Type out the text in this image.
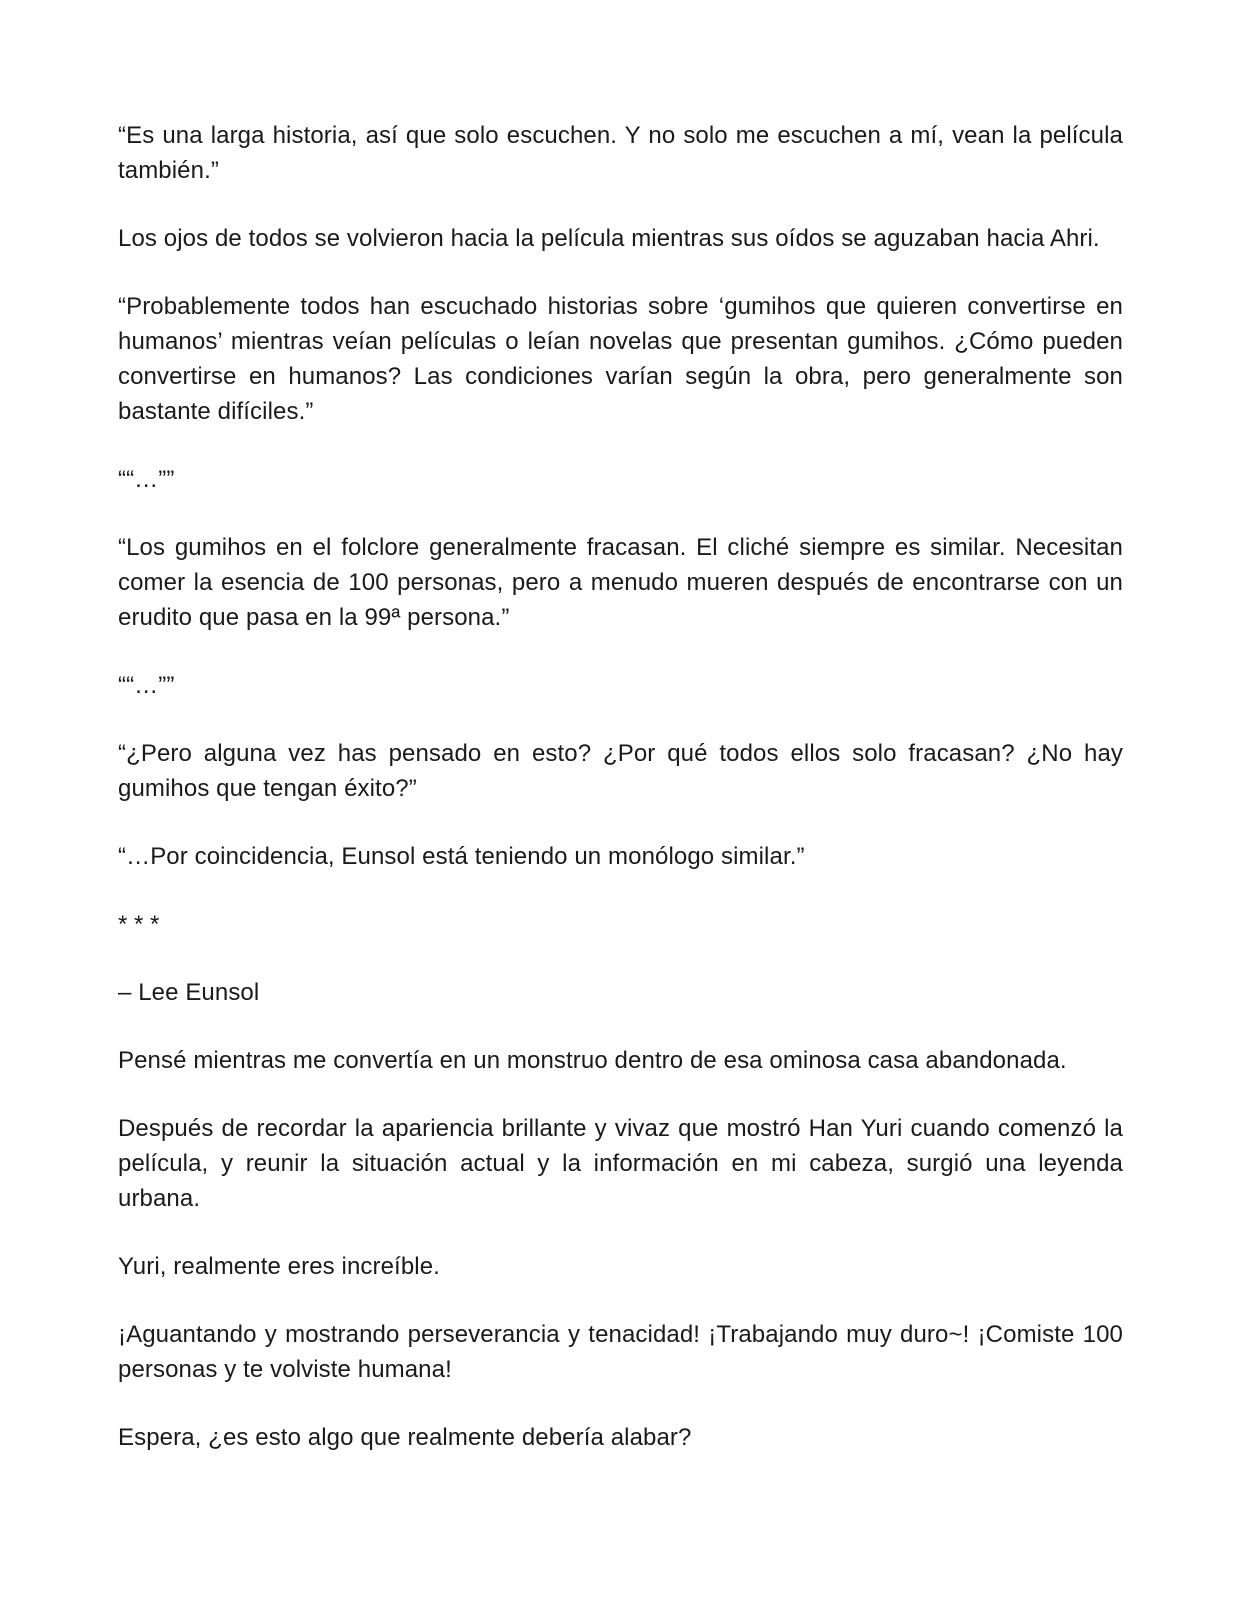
“Es una larga historia, así que solo escuchen. Y no solo me escuchen a mí, vean la película también.”

Los ojos de todos se volvieron hacia la película mientras sus oídos se aguzaban hacia Ahri.

“Probablemente todos han escuchado historias sobre ‘gumihos que quieren convertirse en humanos’ mientras veían películas o leían novelas que presentan gumihos. ¿Cómo pueden convertirse en humanos? Las condiciones varían según la obra, pero generalmente son bastante difíciles.”

““…””

“Los gumihos en el folclore generalmente fracasan. El cliché siempre es similar. Necesitan comer la esencia de 100 personas, pero a menudo mueren después de encontrarse con un erudito que pasa en la 99ª persona.”

““…””

“¿Pero alguna vez has pensado en esto? ¿Por qué todos ellos solo fracasan? ¿No hay gumihos que tengan éxito?”

“…Por coincidencia, Eunsol está teniendo un monólogo similar.”

* * *

– Lee Eunsol

Pensé mientras me convertía en un monstruo dentro de esa ominosa casa abandonada.

Después de recordar la apariencia brillante y vivaz que mostró Han Yuri cuando comenzó la película, y reunir la situación actual y la información en mi cabeza, surgió una leyenda urbana.

Yuri, realmente eres increíble.

¡Aguantando y mostrando perseverancia y tenacidad! ¡Trabajando muy duro~! ¡Comiste 100 personas y te volviste humana!

Espera, ¿es esto algo que realmente debería alabar?
